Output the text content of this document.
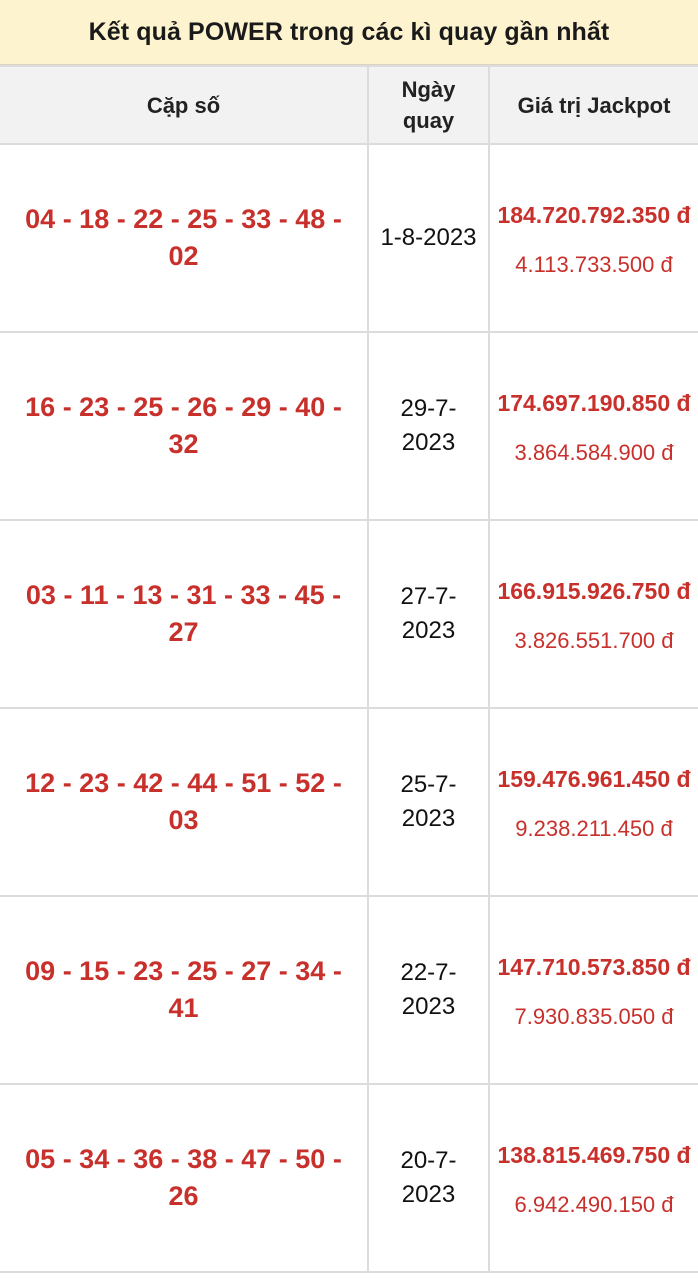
Kết quả POWER trong các kì quay gần nhất
Cặp số	Ngày quay	Giá trị Jackpot
04 - 18 - 22 - 25 - 33 - 48 - 02	1-8-2023	184.720.792.350 đ
4.113.733.500 đ

16 - 23 - 25 - 26 - 29 - 40 - 32	29-7-2023	174.697.190.850 đ
3.864.584.900 đ

03 - 11 - 13 - 31 - 33 - 45 - 27	27-7-2023	166.915.926.750 đ
3.826.551.700 đ

12 - 23 - 42 - 44 - 51 - 52 - 03	25-7-2023	159.476.961.450 đ
9.238.211.450 đ

09 - 15 - 23 - 25 - 27 - 34 - 41	22-7-2023	147.710.573.850 đ
7.930.835.050 đ

05 - 34 - 36 - 38 - 47 - 50 - 26	20-7-2023	138.815.469.750 đ
6.942.490.150 đ
